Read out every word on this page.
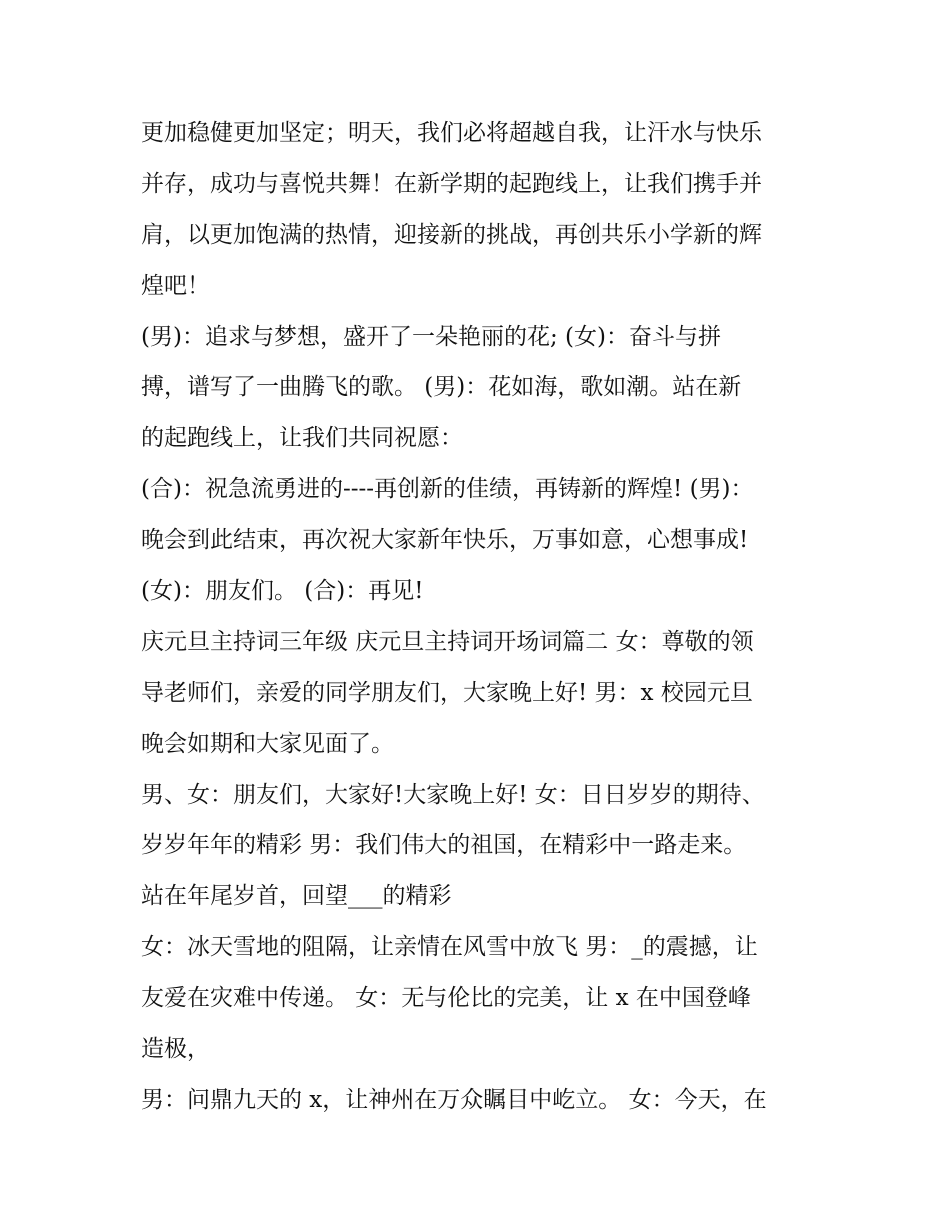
更加稳健更加坚定；明天，我们必将超越自我，让汗水与快乐
并存，成功与喜悦共舞！在新学期的起跑线上，让我们携手并
肩，以更加饱满的热情，迎接新的挑战，再创共乐小学新的辉
煌吧！
(男)：追求与梦想，盛开了一朵艳丽的花; (女)：奋斗与拼
搏，谱写了一曲腾飞的歌。 (男)：花如海，歌如潮。站在新
的起跑线上，让我们共同祝愿：
(合)：祝急流勇进的----再创新的佳绩，再铸新的辉煌! (男)：
晚会到此结束，再次祝大家新年快乐，万事如意，心想事成!
(女)：朋友们。 (合)：再见!
庆元旦主持词三年级 庆元旦主持词开场词篇二 女：尊敬的领
导老师们，亲爱的同学朋友们，大家晚上好! 男：x 校园元旦
晚会如期和大家见面了。
男、女：朋友们，大家好!大家晚上好! 女：日日岁岁的期待、
岁岁年年的精彩 男：我们伟大的祖国，在精彩中一路走来。
站在年尾岁首，回望___的精彩
女：冰天雪地的阻隔，让亲情在风雪中放飞 男：_的震撼，让
友爱在灾难中传递。 女：无与伦比的完美，让 x 在中国登峰
造极，
男：问鼎九天的 x，让神州在万众瞩目中屹立。 女：今天，在
